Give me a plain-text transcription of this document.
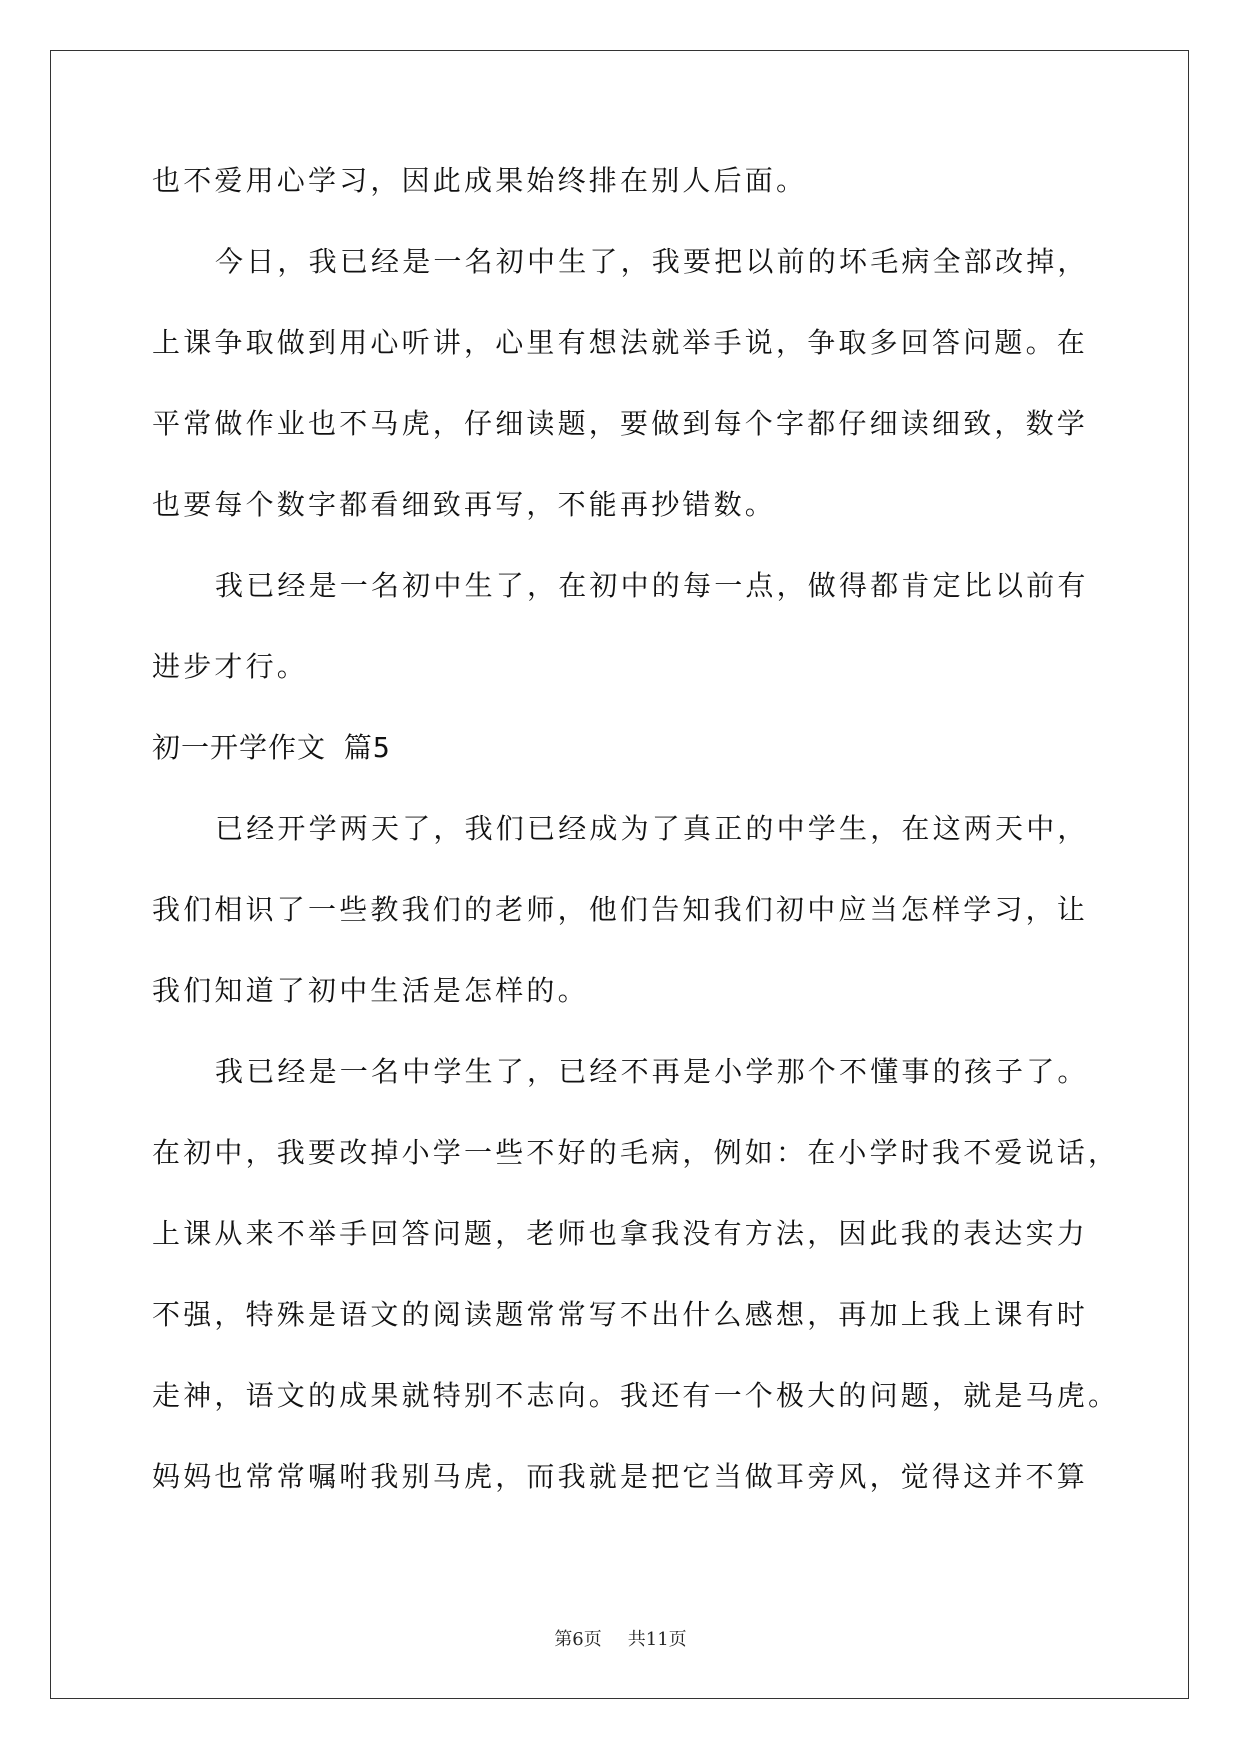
也不爱用心学习，因此成果始终排在别人后面。
今日，我已经是一名初中生了，我要把以前的坏毛病全部改掉，
上课争取做到用心听讲，心里有想法就举手说，争取多回答问题。在
平常做作业也不马虎，仔细读题，要做到每个字都仔细读细致，数学
也要每个数字都看细致再写，不能再抄错数。
我已经是一名初中生了，在初中的每一点，做得都肯定比以前有
进步才行。
初一开学作文 篇5
已经开学两天了，我们已经成为了真正的中学生，在这两天中，
我们相识了一些教我们的老师，他们告知我们初中应当怎样学习，让
我们知道了初中生活是怎样的。
我已经是一名中学生了，已经不再是小学那个不懂事的孩子了。
在初中，我要改掉小学一些不好的毛病，例如：在小学时我不爱说话，
上课从来不举手回答问题，老师也拿我没有方法，因此我的表达实力
不强，特殊是语文的阅读题常常写不出什么感想，再加上我上课有时
走神，语文的成果就特别不志向。我还有一个极大的问题，就是马虎。
妈妈也常常嘱咐我别马虎，而我就是把它当做耳旁风，觉得这并不算
第6页 共11页
